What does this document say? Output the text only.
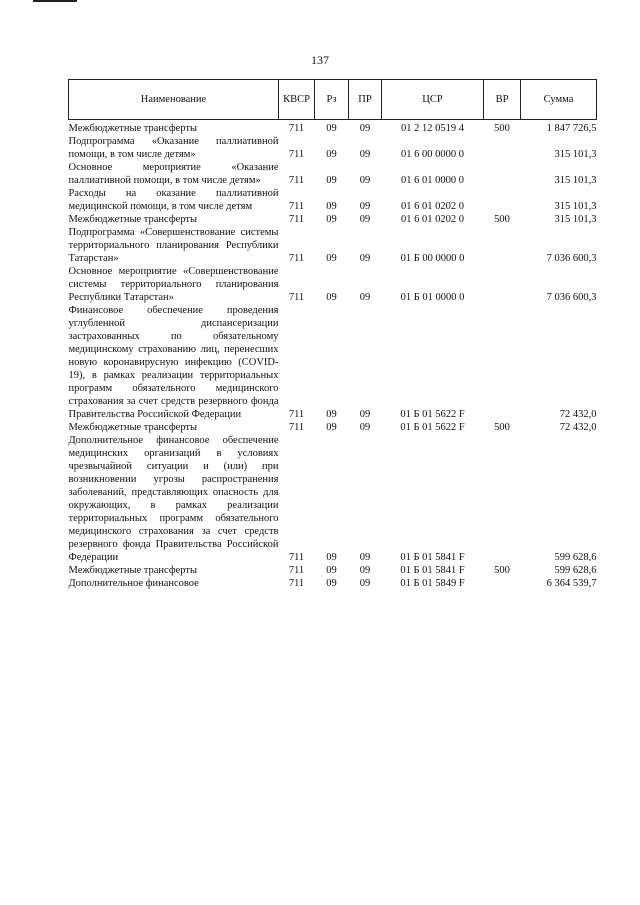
137
Наименование	КВСР	Рз	ПР	ЦСР	ВР	Сумма
Межбюджетные трансферты	711	09	09	01 2 12 0519 4	500	1 847 726,5
Подпрограмма «Оказание паллиативной помощи, в том числе детям»	711	09	09	01 6 00 0000 0		315 101,3
Основное мероприятие «Оказание паллиативной помощи, в том числе детям»	711	09	09	01 6 01 0000 0		315 101,3
Расходы на оказание паллиативной медицинской помощи, в том числе детям	711	09	09	01 6 01 0202 0		315 101,3
Межбюджетные трансферты	711	09	09	01 6 01 0202 0	500	315 101,3
Подпрограмма «Совершенствование системы территориального планирования Республики Татарстан»	711	09	09	01 Б 00 0000 0		7 036 600,3
Основное мероприятие «Совершенствование системы территориального планирования Республики Татарстан»	711	09	09	01 Б 01 0000 0		7 036 600,3
Финансовое обеспечение проведения углубленной диспансеризации застрахованных по обязательному медицинскому страхованию лиц, перенесших новую коронавирусную инфекцию (COVID-19), в рамках реализации территориальных программ обязательного медицинского страхования за счет средств резервного фонда Правительства Российской Федерации	711	09	09	01 Б 01 5622 F		72 432,0
Межбюджетные трансферты	711	09	09	01 Б 01 5622 F	500	72 432,0
Дополнительное финансовое обеспечение медицинских организаций в условиях чрезвычайной ситуации и (или) при возникновении угрозы распространения заболеваний, представляющих опасность для окружающих, в рамках реализации территориальных программ обязательного медицинского страхования за счет средств резервного фонда Правительства Российской Федерации	711	09	09	01 Б 01 5841 F		599 628,6
Межбюджетные трансферты	711	09	09	01 Б 01 5841 F	500	599 628,6
Дополнительное финансовое	711	09	09	01 Б 01 5849 F		6 364 539,7
